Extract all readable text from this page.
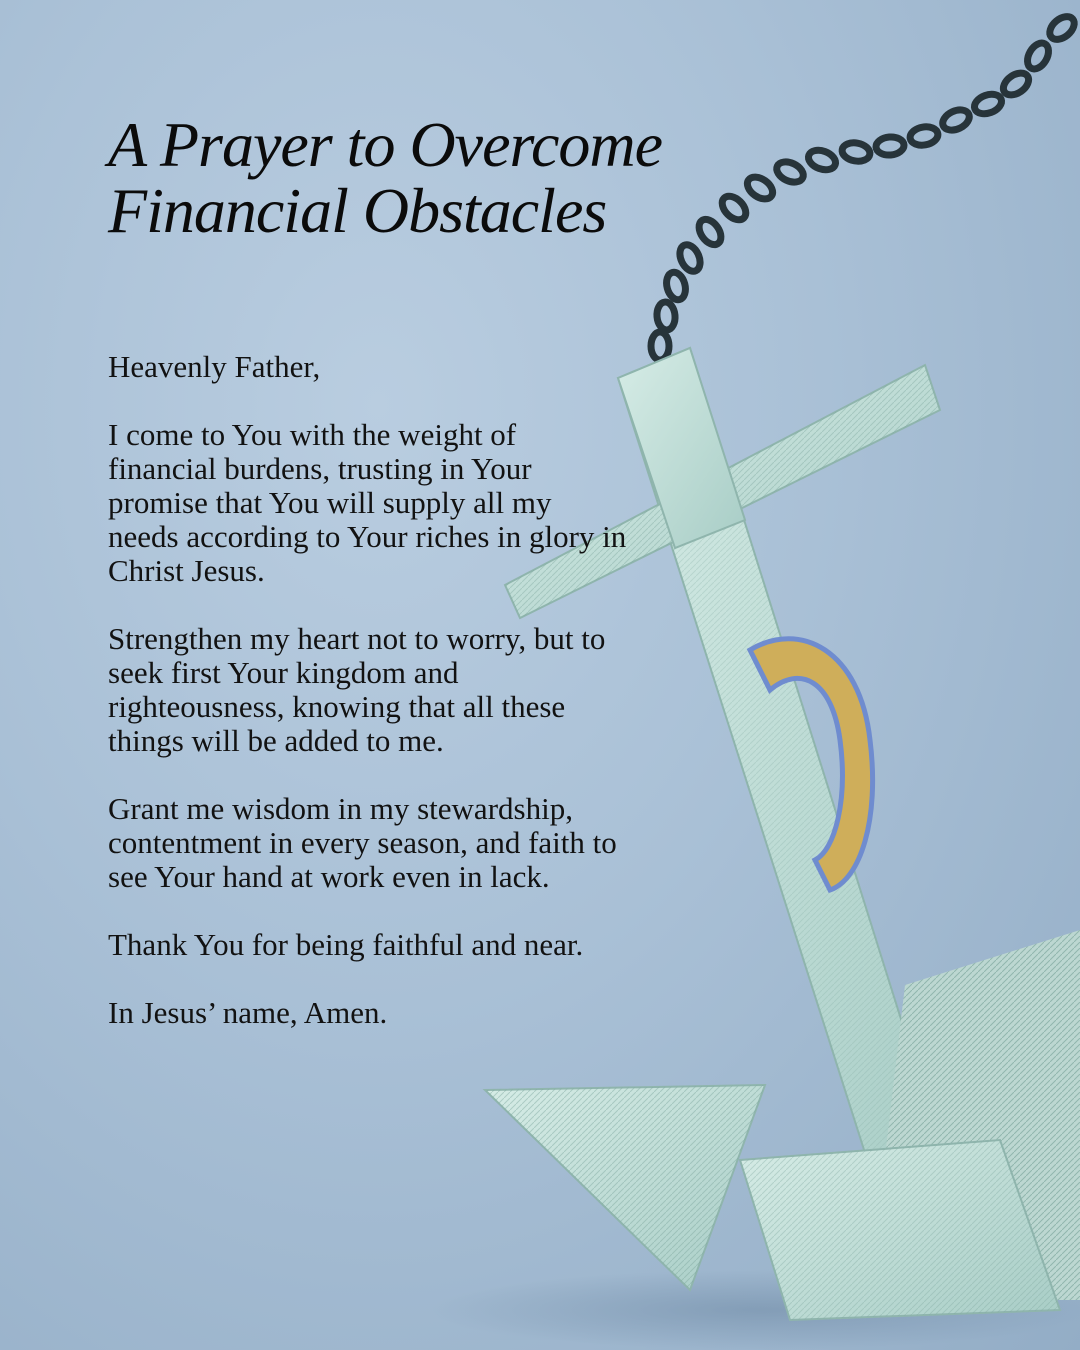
A Prayer to Overcome
Financial Obstacles

Heavenly Father,

I come to You with the weight of financial burdens, trusting in Your promise that You will supply all my needs according to Your riches in glory in Christ Jesus.

Strengthen my heart not to worry, but to seek first Your kingdom and righteousness, knowing that all these things will be added to me.

Grant me wisdom in my stewardship, contentment in every season, and faith to see Your hand at work even in lack.

Thank You for being faithful and near.

In Jesus’ name, Amen.
